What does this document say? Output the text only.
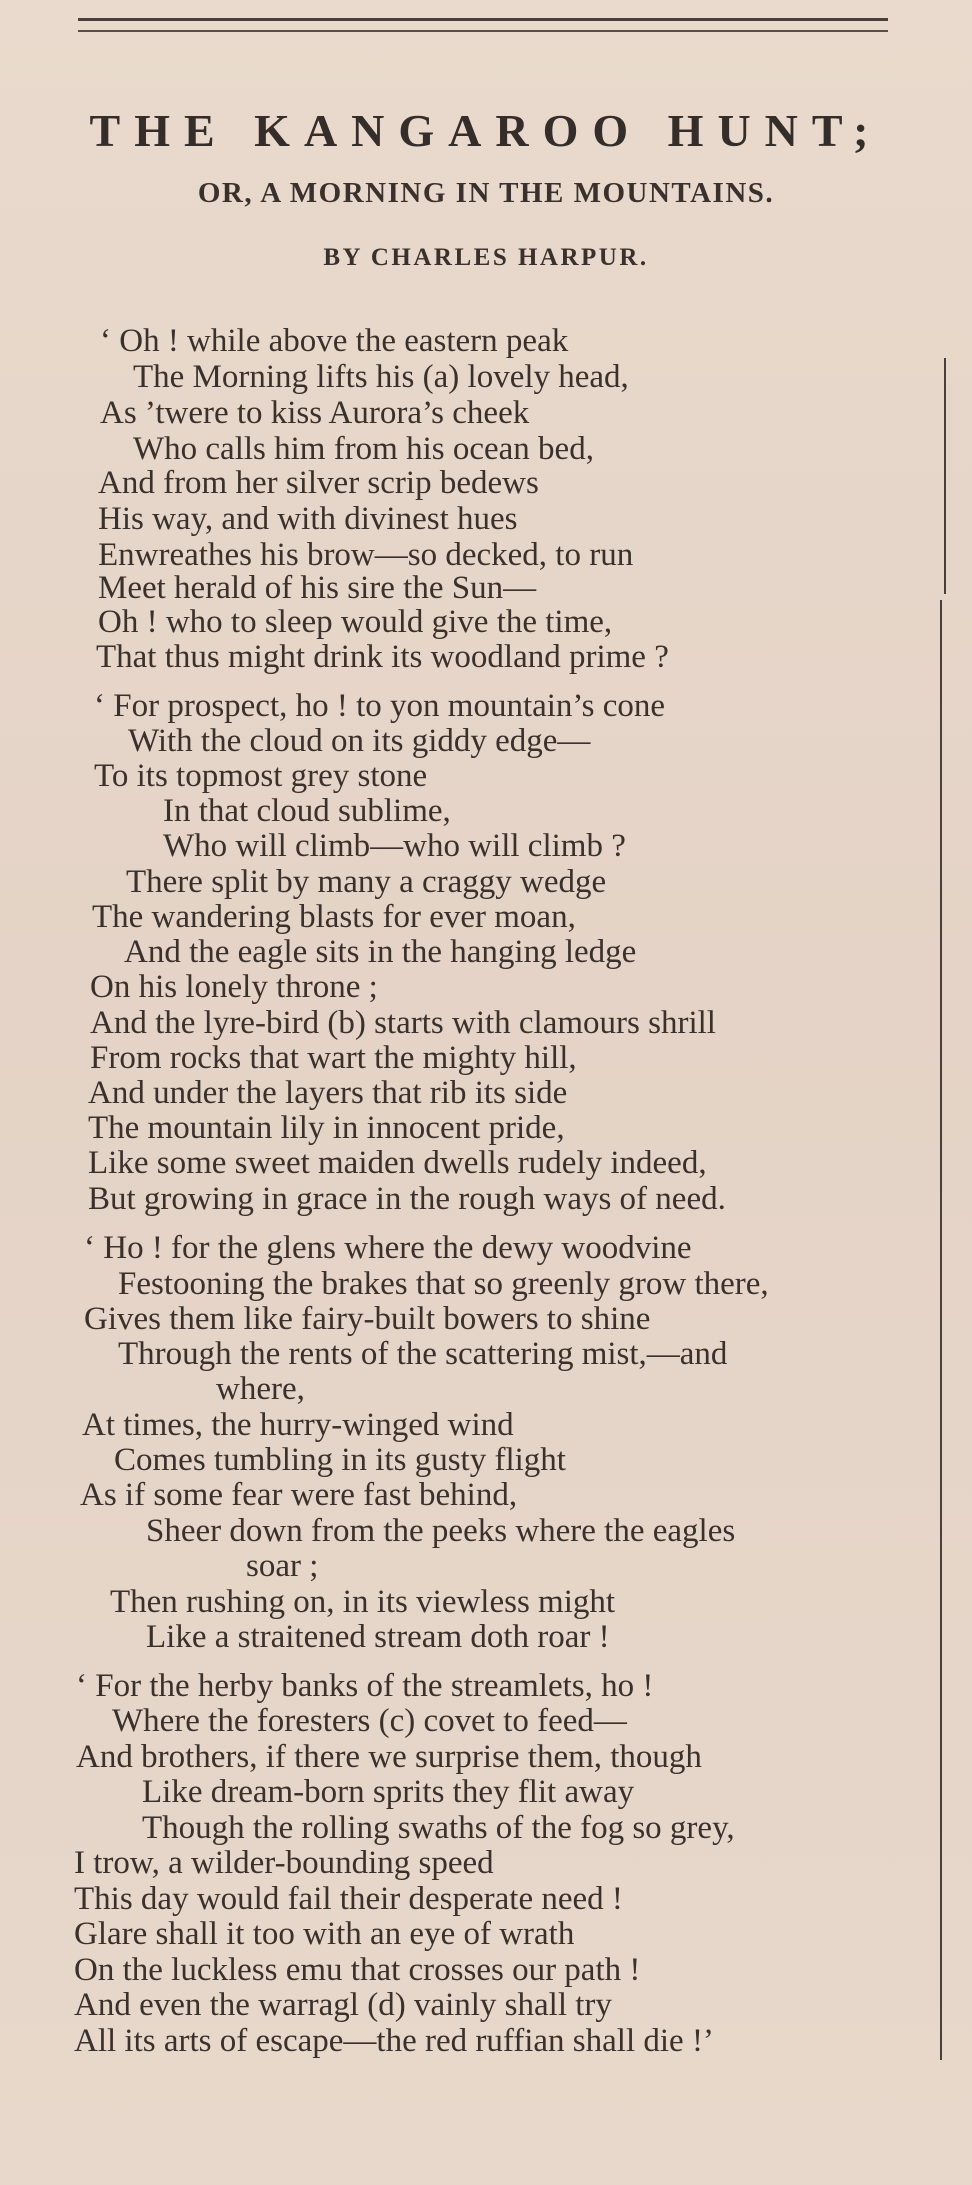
THE KANGAROO HUNT;
OR, A MORNING IN THE MOUNTAINS.
BY CHARLES HARPUR.
‘ Oh ! while above the eastern peak
The Morning lifts his (a) lovely head,
As ’twere to kiss Aurora’s cheek
Who calls him from his ocean bed,
And from her silver scrip bedews
His way, and with divinest hues
Enwreathes his brow—so decked, to run
Meet herald of his sire the Sun—
Oh ! who to sleep would give the time,
That thus might drink its woodland prime ?
‘ For prospect, ho ! to yon mountain’s cone
With the cloud on its giddy edge—
To its topmost grey stone
In that cloud sublime,
Who will climb—who will climb ?
There split by many a craggy wedge
The wandering blasts for ever moan,
And the eagle sits in the hanging ledge
On his lonely throne ;
And the lyre-bird (b) starts with clamours shrill
From rocks that wart the mighty hill,
And under the layers that rib its side
The mountain lily in innocent pride,
Like some sweet maiden dwells rudely indeed,
But growing in grace in the rough ways of need.
‘ Ho ! for the glens where the dewy woodvine
Festooning the brakes that so greenly grow there,
Gives them like fairy-built bowers to shine
Through the rents of the scattering mist,—and
where,
At times, the hurry-winged wind
Comes tumbling in its gusty flight
As if some fear were fast behind,
Sheer down from the peeks where the eagles
soar ;
Then rushing on, in its viewless might
Like a straitened stream doth roar !
‘ For the herby banks of the streamlets, ho !
Where the foresters (c) covet to feed—
And brothers, if there we surprise them, though
Like dream-born sprits they flit away
Though the rolling swaths of the fog so grey,
I trow, a wilder-bounding speed
This day would fail their desperate need !
Glare shall it too with an eye of wrath
On the luckless emu that crosses our path !
And even the warragl (d) vainly shall try
All its arts of escape—the red ruffian shall die !’
